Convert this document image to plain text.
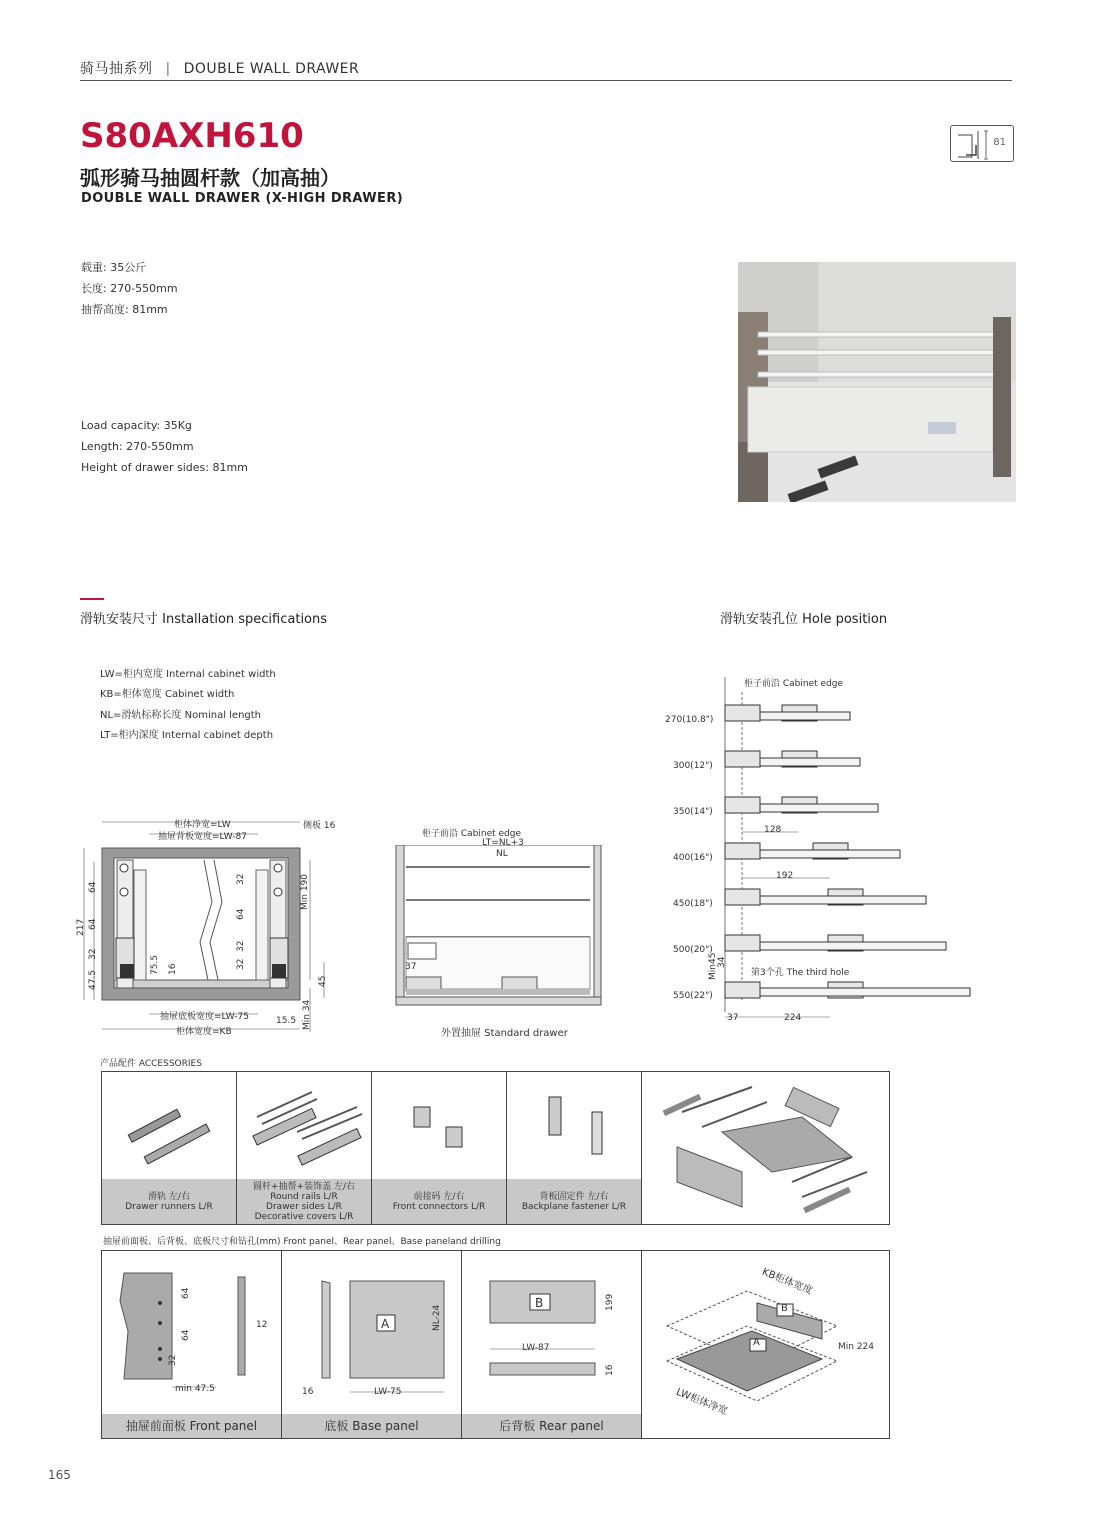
骑马抽系列 | DOUBLE WALL DRAWER
S80AXH610
弧形骑马抽圆杆款（加高抽）
DOUBLE WALL DRAWER (X-HIGH DRAWER)
81
载重: 35公斤
长度: 270-550mm
抽帮高度: 81mm
Load capacity: 35Kg
Length: 270-550mm
Height of drawer sides: 81mm
滑轨安装尺寸 Installation specifications	滑轨安装孔位 Hole position
LW=柜内宽度 Internal cabinet width
KB=柜体宽度 Cabinet width
NL=滑轨标称长度 Nominal length
LT=柜内深度 Internal cabinet depth
柜体净宽=LW
抽屉背板宽度=LW-87
侧板 16
抽屉底板宽度=LW-75
柜体宽度=KB
Min 190
Min 34
217
64
64
32
47.5
32
32
64
32
75.5 16
45
15.5
柜子前沿 Cabinet edge
LT=NL+3
NL
37
外置抽屉 Standard drawer
柜子前沿 Cabinet edge
270(10.8")
300(12")
350(14")
400(16")
450(18")
500(20")
550(22")
128
192
37	224
Min45 34
第3个孔 The third hole
产品配件 ACCESSORIES
滑轨 左/右
Drawer runners L/R
圆杆+抽帮+装饰盖 左/右
Round rails L/R
Drawer sides L/R
Decorative covers L/R
前接码 左/右
Front connectors L/R
背板固定件 左/右
Backplane fastener L/R
抽屉前面板、后背板、底板尺寸和钻孔(mm) Front panel、Rear panel、Base paneland drilling
64
64
32
12
min 47.5
抽屉前面板 Front panel
A	NL-24
16	LW-75
底板 Base panel
B	199
LW-87
16
后背板 Rear panel
KB柜体宽度
LW柜体净宽
Min 224
A
B
165
